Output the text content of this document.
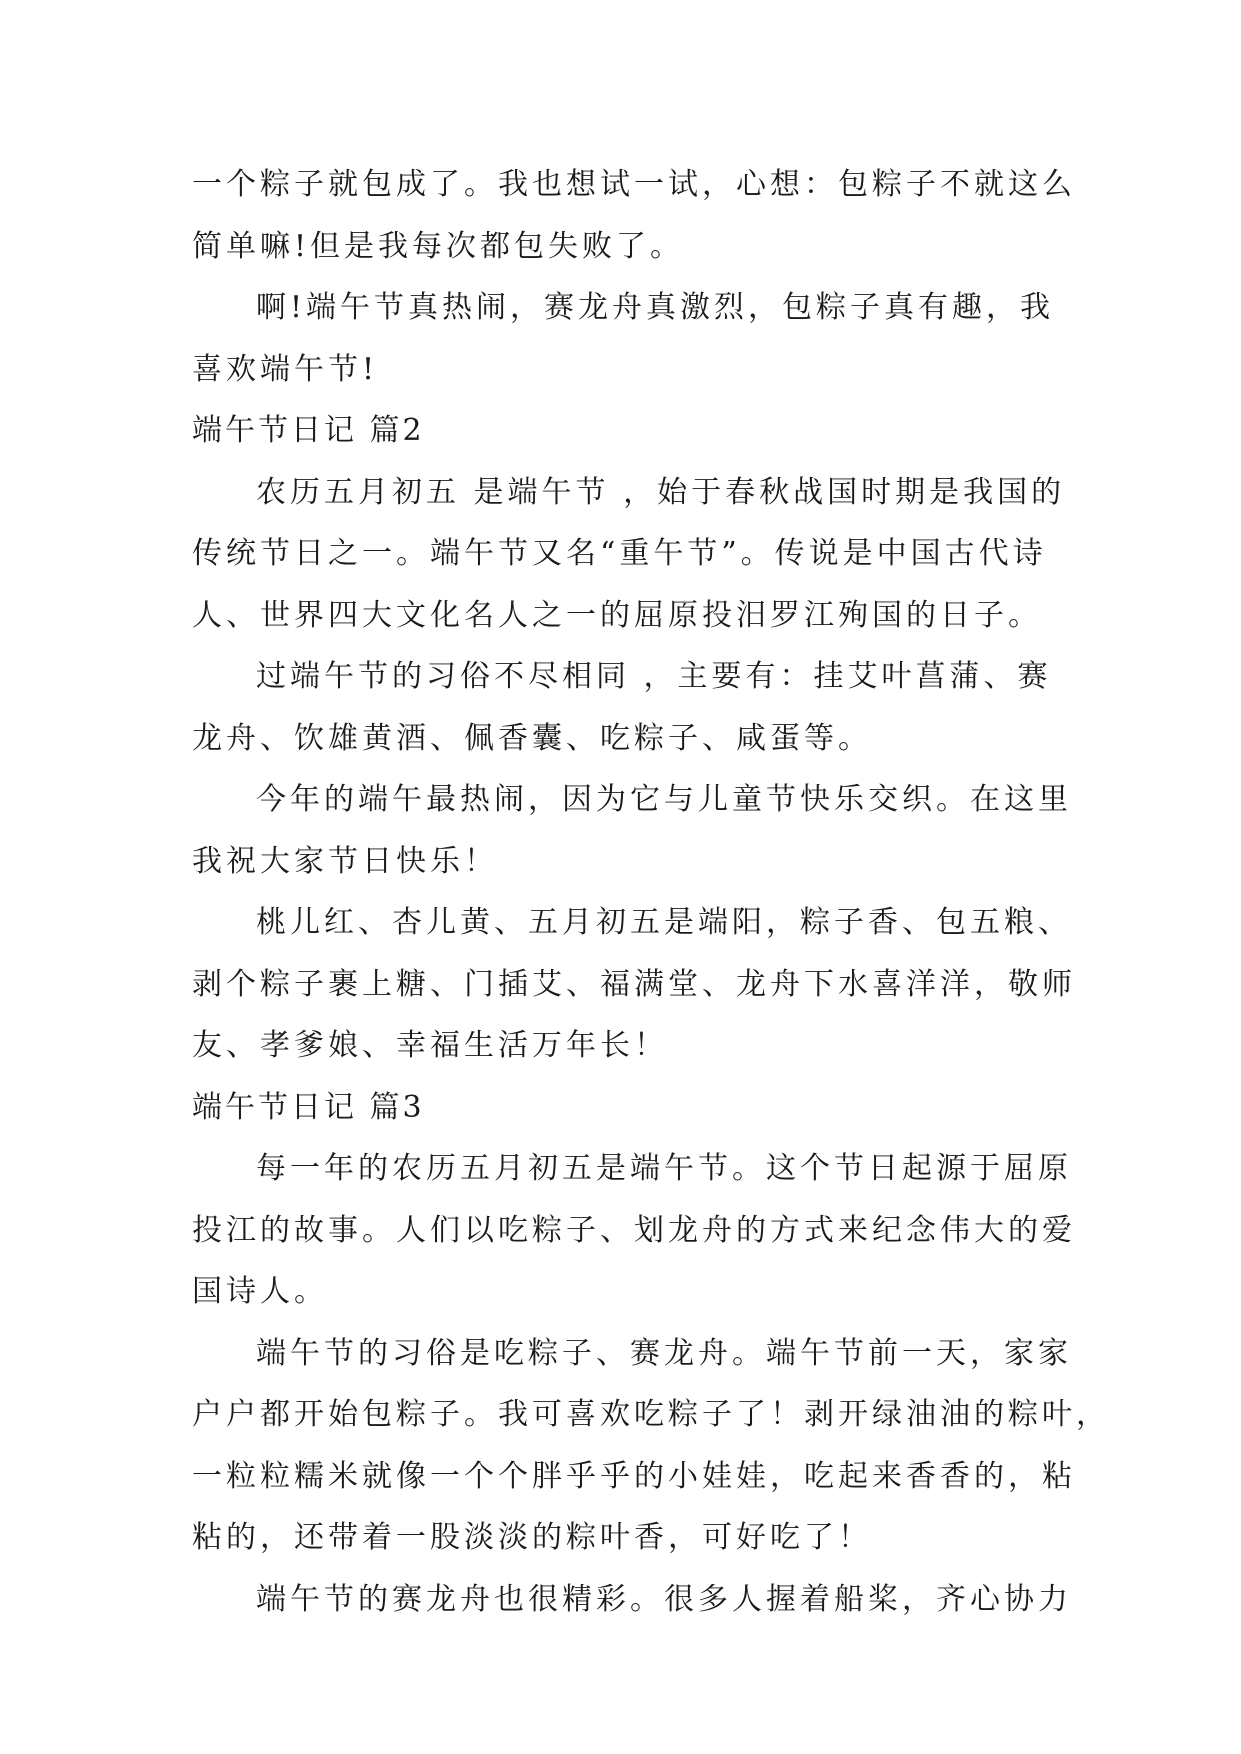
一个粽子就包成了。我也想试一试，心想：包粽子不就这么
简单嘛!但是我每次都包失败了。
啊!端午节真热闹，赛龙舟真激烈，包粽子真有趣，我
喜欢端午节!
端午节日记 篇2
农历五月初五 是端午节 ，始于春秋战国时期是我国的
传统节日之一。端午节又名“重午节”。传说是中国古代诗
人、世界四大文化名人之一的屈原投汨罗江殉国的日子。
过端午节的习俗不尽相同 ，主要有：挂艾叶菖蒲、赛
龙舟、饮雄黄酒、佩香囊、吃粽子、咸蛋等。
今年的端午最热闹，因为它与儿童节快乐交织。在这里
我祝大家节日快乐！
桃儿红、杏儿黄、五月初五是端阳，粽子香、包五粮、
剥个粽子裹上糖、门插艾、福满堂、龙舟下水喜洋洋，敬师
友、孝爹娘、幸福生活万年长！
端午节日记 篇3
每一年的农历五月初五是端午节。这个节日起源于屈原
投江的故事。人们以吃粽子、划龙舟的方式来纪念伟大的爱
国诗人。
端午节的习俗是吃粽子、赛龙舟。端午节前一天，家家
户户都开始包粽子。我可喜欢吃粽子了！剥开绿油油的粽叶，
一粒粒糯米就像一个个胖乎乎的小娃娃，吃起来香香的，粘
粘的，还带着一股淡淡的粽叶香，可好吃了！
端午节的赛龙舟也很精彩。很多人握着船桨，齐心协力
